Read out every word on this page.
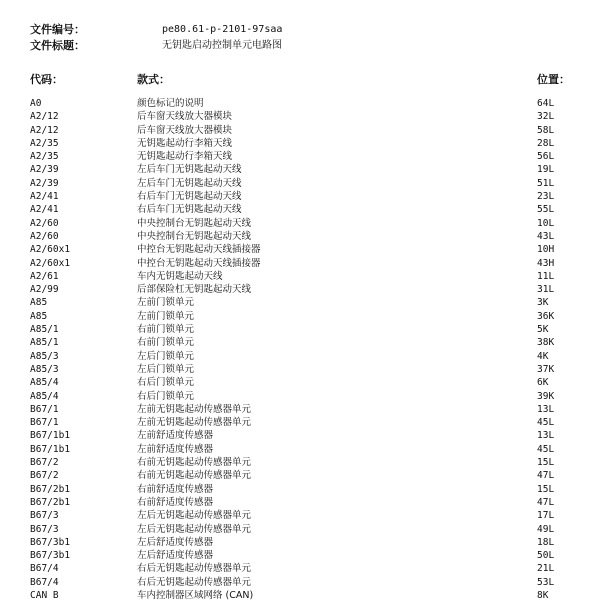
文件编号：	pe80.61-p-2101-97saa
文件标题：	无钥匙启动控制单元电路图
代码：	款式：	位置：
A0	颜色标记的说明	64L
A2/12	后车窗天线放大器模块	32L
A2/12	后车窗天线放大器模块	58L
A2/35	无钥匙起动行李箱天线	28L
A2/35	无钥匙起动行李箱天线	56L
A2/39	左后车门无钥匙起动天线	19L
A2/39	左后车门无钥匙起动天线	51L
A2/41	右后车门无钥匙起动天线	23L
A2/41	右后车门无钥匙起动天线	55L
A2/60	中央控制台无钥匙起动天线	10L
A2/60	中央控制台无钥匙起动天线	43L
A2/60x1	中控台无钥匙起动天线插接器	10H
A2/60x1	中控台无钥匙起动天线插接器	43H
A2/61	车内无钥匙起动天线	11L
A2/99	后部保险杠无钥匙起动天线	31L
A85	左前门锁单元	3K
A85	左前门锁单元	36K
A85/1	右前门锁单元	5K
A85/1	右前门锁单元	38K
A85/3	左后门锁单元	4K
A85/3	左后门锁单元	37K
A85/4	右后门锁单元	6K
A85/4	右后门锁单元	39K
B67/1	左前无钥匙起动传感器单元	13L
B67/1	左前无钥匙起动传感器单元	45L
B67/1b1	左前舒适度传感器	13L
B67/1b1	左前舒适度传感器	45L
B67/2	右前无钥匙起动传感器单元	15L
B67/2	右前无钥匙起动传感器单元	47L
B67/2b1	右前舒适度传感器	15L
B67/2b1	右前舒适度传感器	47L
B67/3	左后无钥匙起动传感器单元	17L
B67/3	左后无钥匙起动传感器单元	49L
B67/3b1	左后舒适度传感器	18L
B67/3b1	左后舒适度传感器	50L
B67/4	右后无钥匙起动传感器单元	21L
B67/4	右后无钥匙起动传感器单元	53L
CAN B	车内控制器区域网络 (CAN)	8K
